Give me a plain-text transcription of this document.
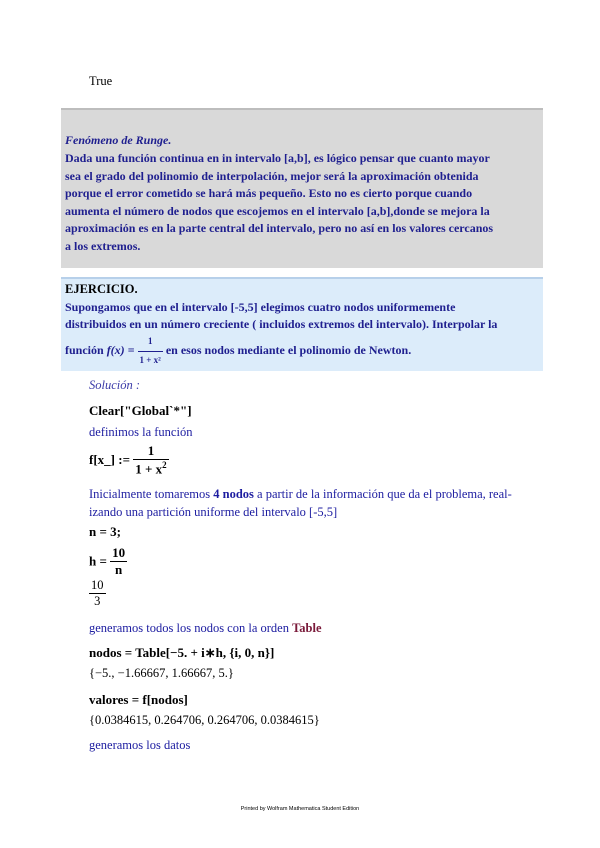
True
Fenómeno de Runge.
Dada una función continua en in intervalo [a,b], es lógico pensar que cuanto mayor
sea el grado del polinomio de interpolación, mejor será la aproximación obtenida
porque el error cometido se hará más pequeño. Esto no es cierto porque cuando
aumenta el número de nodos que escojemos en el intervalo [a,b],donde se mejora la
aproximación es en la parte central del intervalo, pero no así en los valores cercanos
a los extremos.
EJERCICIO.
Supongamos que en el intervalo [-5,5] elegimos cuatro nodos uniformemente
distribuidos en un número creciente ( incluidos extremos del intervalo). Interpolar la
función $f(x) = \frac{1}{\text{1 + x²}}$ en esos nodos mediante el polinomio de Newton.
Solución :
Clear["Global`*"]
definimos la función
f[x_] := $\frac{1}{1 + x^2}$
Inicialmente tomaremos 4 nodos a partir de la información que da el problema, real-
izando una partición uniforme del intervalo [-5,5]
n = 3;
$h = \frac{10}{n}$
$\frac{10}{3}$
generamos todos los nodos con la orden Table
nodos = Table[−5. + i∗h, {i, 0, n}]
{−5., −1.66667, 1.66667, 5.}
valores = f[nodos]
{0.0384615, 0.264706, 0.264706, 0.0384615}
generamos los datos
Printed by Wolfram Mathematica Student Edition
